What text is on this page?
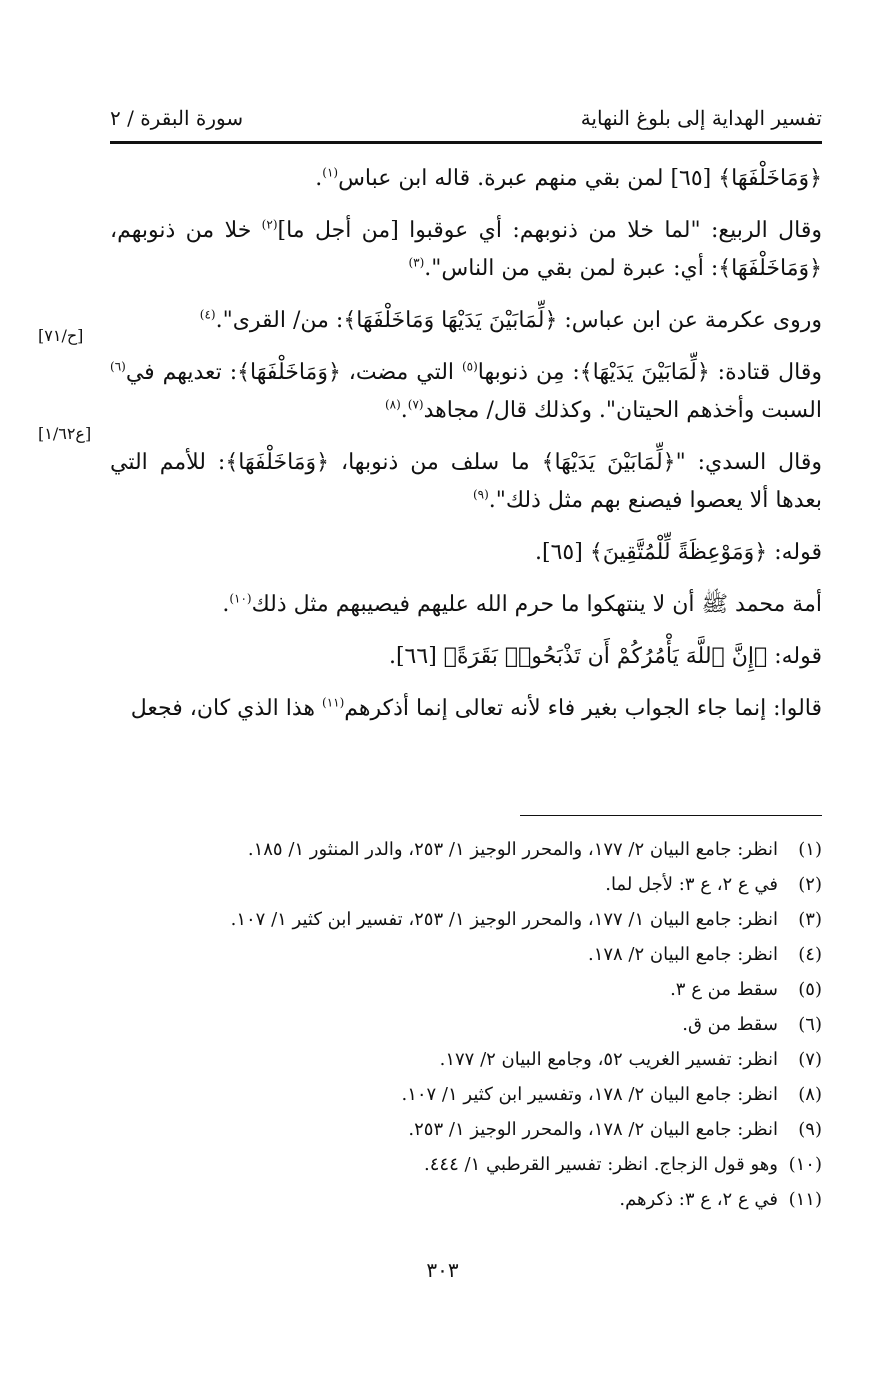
تفسير الهداية إلى بلوغ النهاية
سورة البقرة / ٢

﴿وَمَاخَلْفَهَا﴾ [٦٥] لمن بقي منهم عبرة. قاله ابن عباس$^{(١)}$.

وقال الربيع: "لما خلا من ذنوبهم: أي عوقبوا [من أجل ما]$^{(٢)}$ خلا من ذنوبهم، ﴿وَمَاخَلْفَهَا﴾: أي: عبرة لمن بقي من الناس".$^{(٣)}$

وروى عكرمة عن ابن عباس: ﴿لِّمَابَيْنَ يَدَيْهَا وَمَاخَلْفَهَا﴾: من/ القرى".$^{(٤)}$

وقال قتادة: ﴿لِّمَابَيْنَ يَدَيْهَا﴾: مِن ذنوبها$^{(٥)}$ التي مضت، ﴿وَمَاخَلْفَهَا﴾: تعديهم في$^{(٦)}$ السبت وأخذهم الحيتان". وكذلك قال/ مجاهد$^{(٧)}$.$^{(٨)}$

وقال السدي: "﴿لِّمَابَيْنَ يَدَيْهَا﴾ ما سلف من ذنوبها، ﴿وَمَاخَلْفَهَا﴾: للأمم التي بعدها ألا يعصوا فيصنع بهم مثل ذلك".$^{(٩)}$

قوله: ﴿وَمَوْعِظَةً لِّلْمُتَّقِينَ﴾ [٦٥].

أمة محمد ﷺ أن لا ينتهكوا ما حرم الله عليهم فيصيبهم مثل ذلك$^{(١٠)}$.

قوله: ﴿إِنَّ ٱللَّهَ يَأْمُرُكُمْ أَن تَذْبَحُوا۟ بَقَرَةً﴾ [٦٦].

قالوا: إنما جاء الجواب بغير فاء لأنه تعالى إنما أذكرهم$^{(١١)}$ هذا الذي كان، فجعل

[ح/٧١]
[ع١/٦٢]
(١)انظر: جامع البيان ٢/ ١٧٧، والمحرر الوجيز ١/ ٢٥٣، والدر المنثور ١/ ١٨٥.
(٢)في ع ٢، ع ٣: لأجل لما.
(٣)انظر: جامع البيان ١/ ١٧٧، والمحرر الوجيز ١/ ٢٥٣، تفسير ابن كثير ١/ ١٠٧.
(٤)انظر: جامع البيان ٢/ ١٧٨.
(٥)سقط من ع ٣.
(٦)سقط من ق.
(٧)انظر: تفسير الغريب ٥٢، وجامع البيان ٢/ ١٧٧.
(٨)انظر: جامع البيان ٢/ ١٧٨، وتفسير ابن كثير ١/ ١٠٧.
(٩)انظر: جامع البيان ٢/ ١٧٨، والمحرر الوجيز ١/ ٢٥٣.
(١٠)وهو قول الزجاج. انظر: تفسير القرطبي ١/ ٤٤٤.
(١١)في ع ٢، ع ٣: ذكرهم.
٣٠٣
